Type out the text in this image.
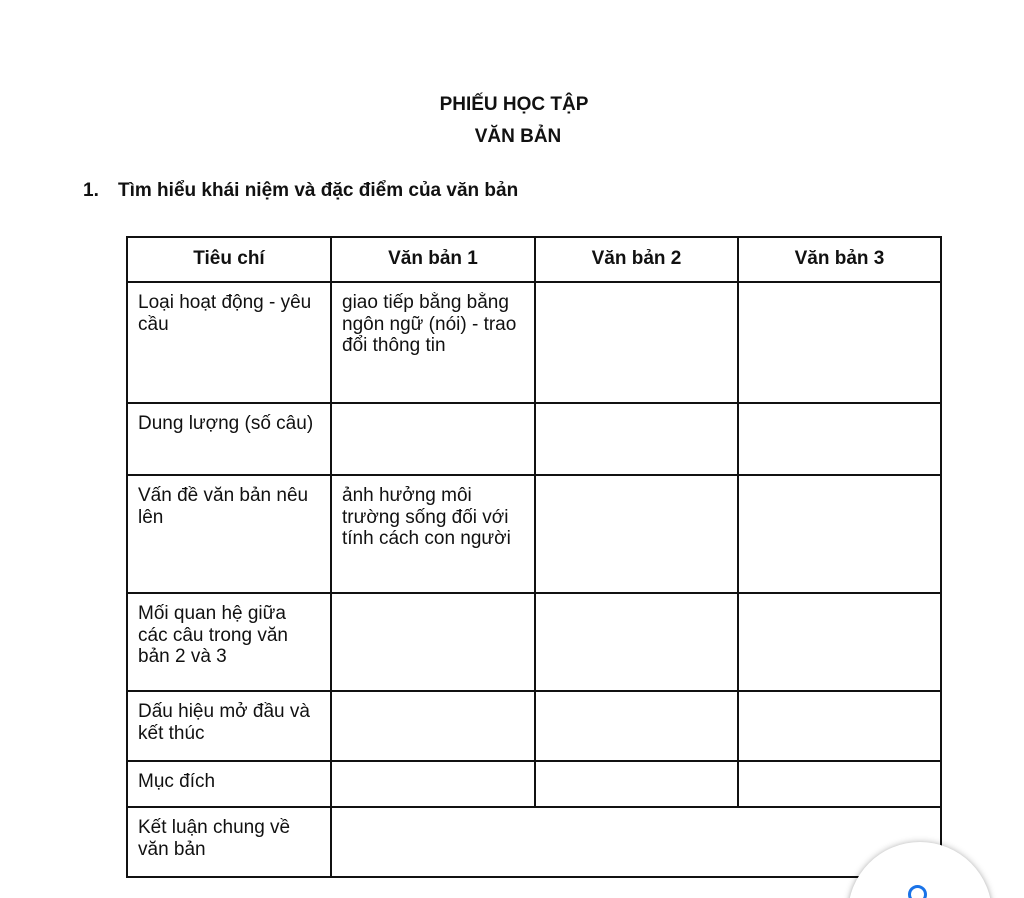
PHIẾU HỌC TẬP
VĂN BẢN
1. Tìm hiểu khái niệm và đặc điểm của văn bản
Tiêu chí	Văn bản 1	Văn bản 2	Văn bản 3

Loại hoạt động - yêu cầu	giao tiếp bằng bằng ngôn ngữ (nói) - trao đổi thông tin		

Dung lượng (số câu)			

Vấn đề văn bản nêu lên	ảnh hưởng môi trường sống đối với tính cách con người		

Mối quan hệ giữa các câu trong văn bản 2 và 3			

Dấu hiệu mở đầu và kết thúc			

Mục đích			

Kết luận chung về văn bản			
